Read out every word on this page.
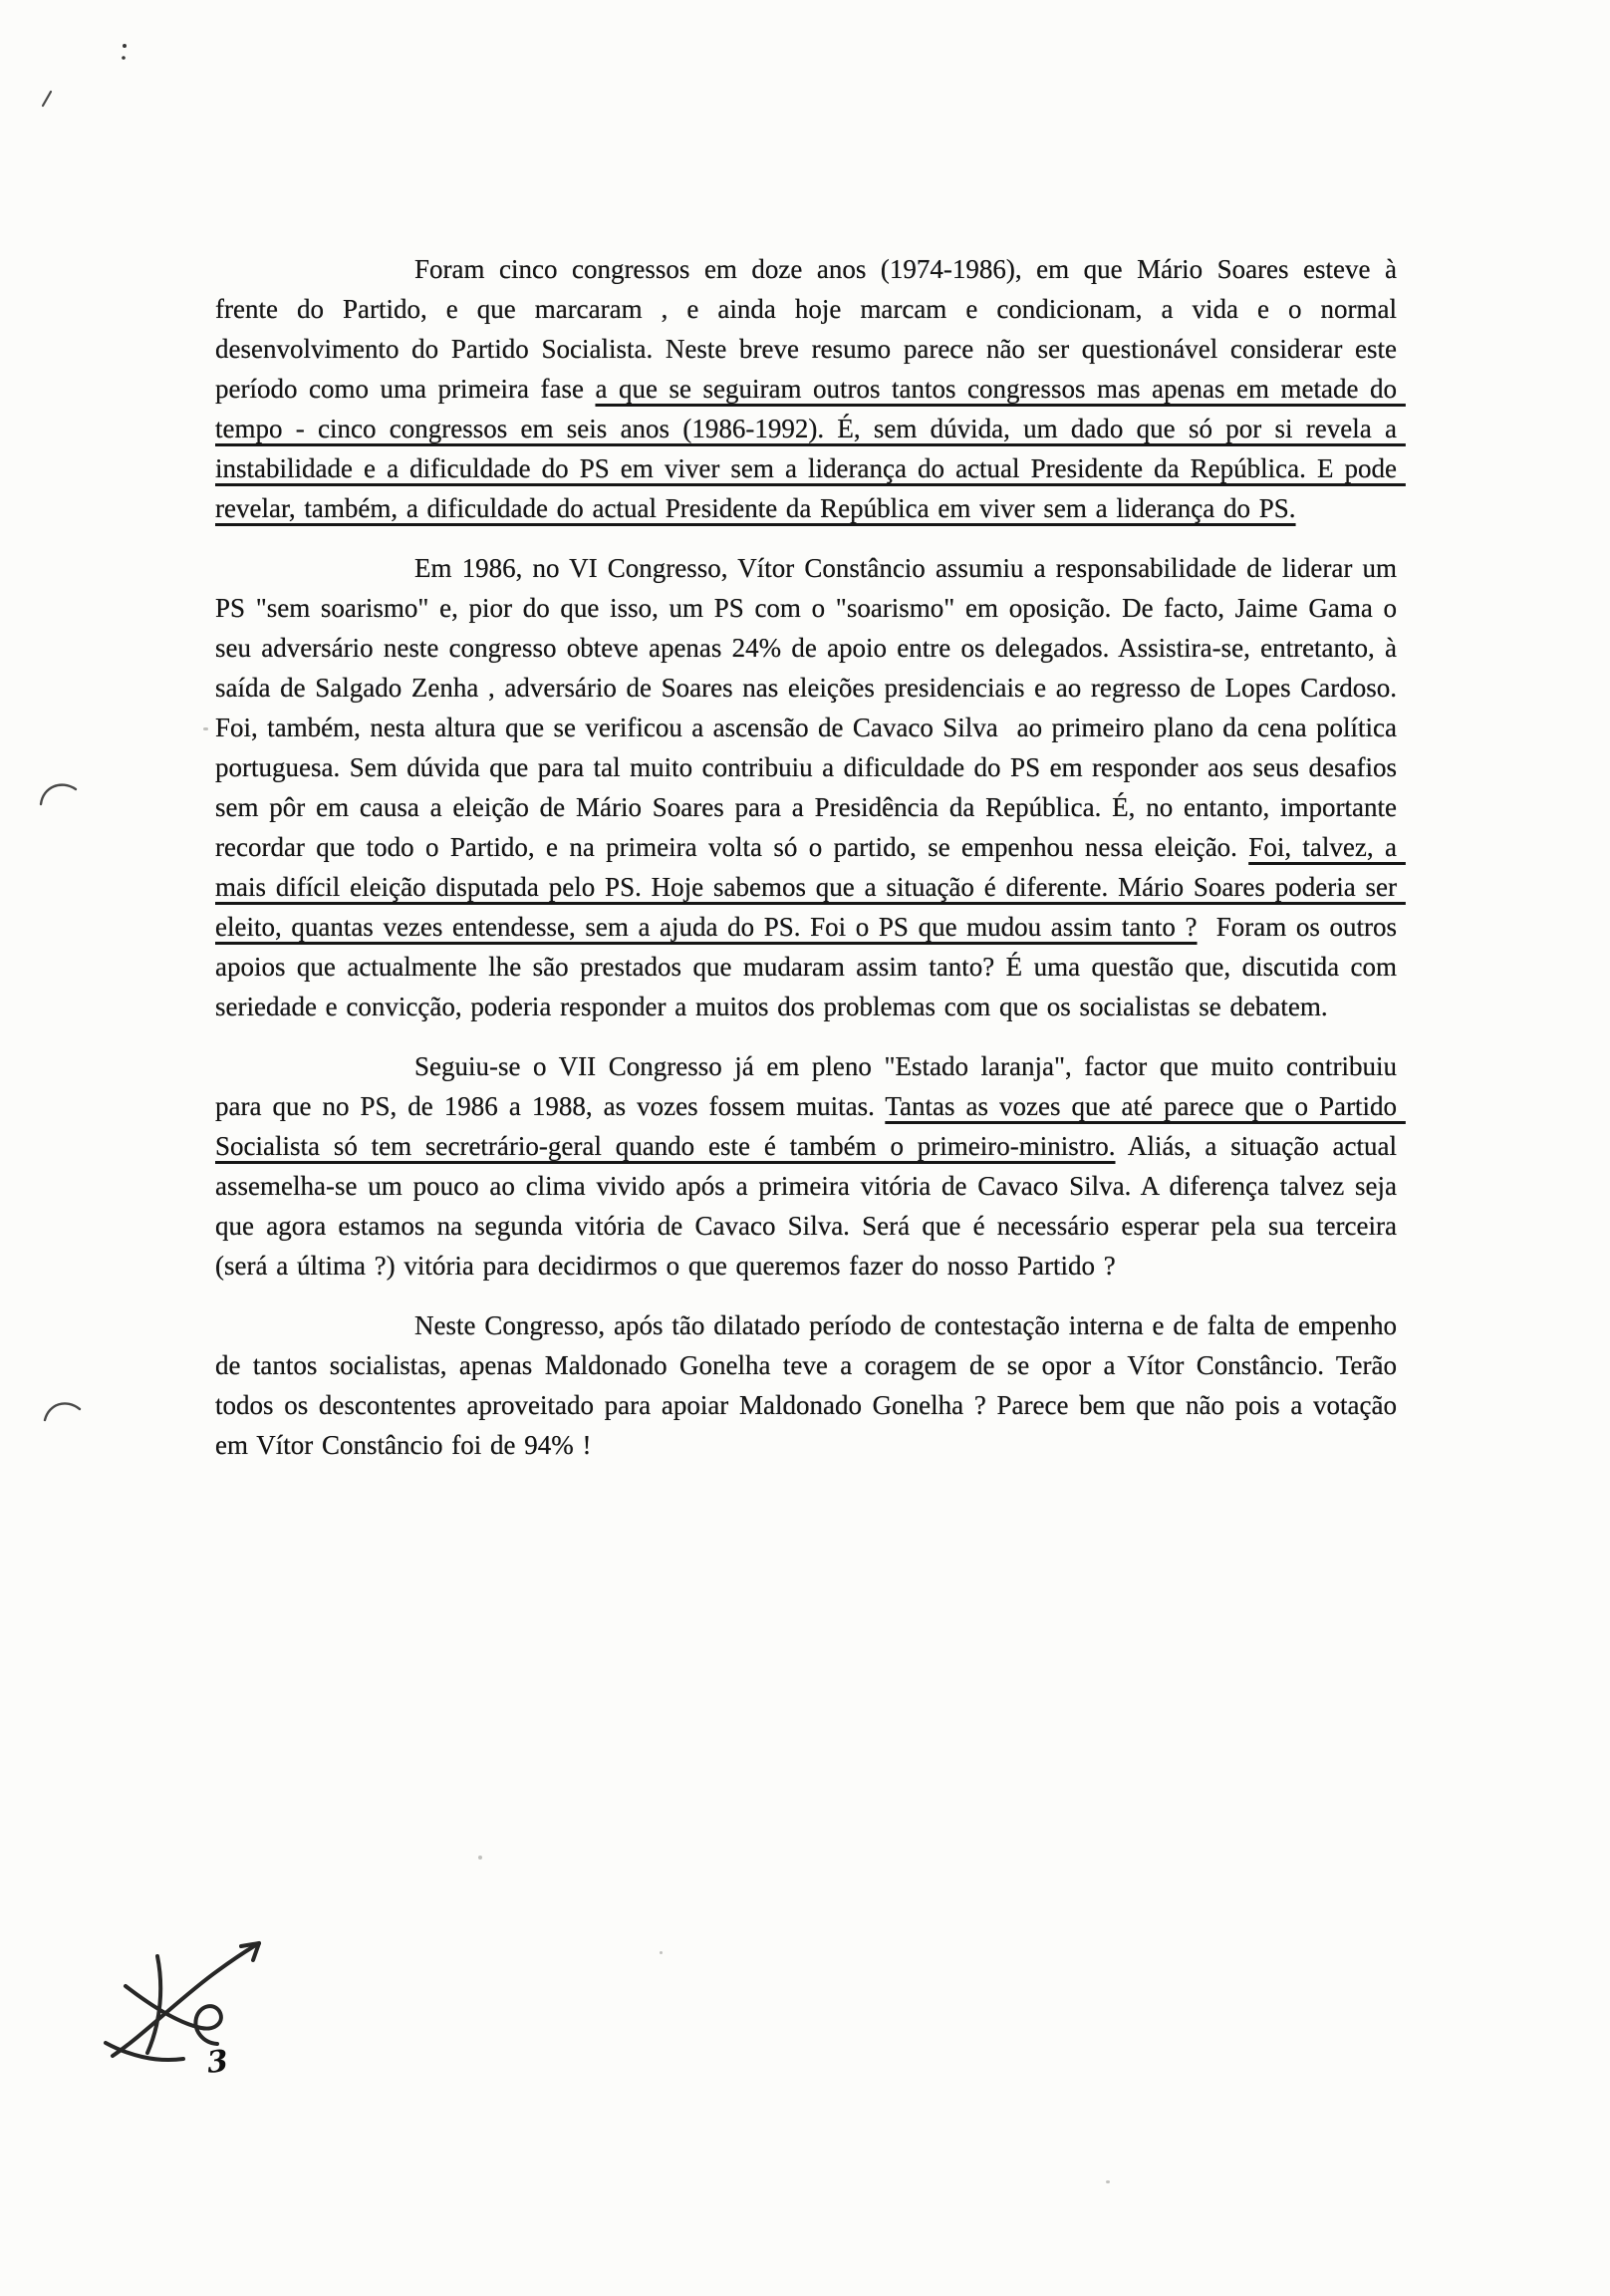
Foram cinco congressos em doze anos (1974-1986), em que Mário Soares esteve à frente do Partido, e que marcaram , e ainda hoje marcam e condicionam, a vida e o normal desenvolvimento do Partido Socialista. Neste breve resumo parece não ser questionável considerar este período como uma primeira fase a que se seguiram outros tantos congressos mas apenas em metade do tempo - cinco congressos em seis anos (1986-1992). É, sem dúvida, um dado que só por si revela a instabilidade e a dificuldade do PS em viver sem a liderança do actual Presidente da República. E pode revelar, também, a dificuldade do actual Presidente da República em viver sem a liderança do PS.

Em 1986, no VI Congresso, Vítor Constâncio assumiu a responsabilidade de liderar um PS "sem soarismo" e, pior do que isso, um PS com o "soarismo" em oposição. De facto, Jaime Gama o seu adversário neste congresso obteve apenas 24% de apoio entre os delegados. Assistira-se, entretanto, à saída de Salgado Zenha , adversário de Soares nas eleições presidenciais e ao regresso de Lopes Cardoso. Foi, também, nesta altura que se verificou a ascensão de Cavaco Silva  ao primeiro plano da cena política portuguesa. Sem dúvida que para tal muito contribuiu a dificuldade do PS em responder aos seus desafios sem pôr em causa a eleição de Mário Soares para a Presidência da República. É, no entanto, importante recordar que todo o Partido, e na primeira volta só o partido, se empenhou nessa eleição. Foi, talvez, a mais difícil eleição disputada pelo PS. Hoje sabemos que a situação é diferente. Mário Soares poderia ser eleito, quantas vezes entendesse, sem a ajuda do PS. Foi o PS que mudou assim tanto ?  Foram os outros apoios que actualmente lhe são prestados que mudaram assim tanto? É uma questão que, discutida com seriedade e convicção, poderia responder a muitos dos problemas com que os socialistas se debatem.

Seguiu-se o VII Congresso já em pleno "Estado laranja", factor que muito contribuiu para que no PS, de 1986 a 1988, as vozes fossem muitas. Tantas as vozes que até parece que o Partido Socialista só tem secretrário-geral quando este é também o primeiro-ministro. Aliás, a situação actual assemelha-se um pouco ao clima vivido após a primeira vitória de Cavaco Silva. A diferença talvez seja que agora estamos na segunda vitória de Cavaco Silva. Será que é necessário esperar pela sua terceira (será a última ?) vitória para decidirmos o que queremos fazer do nosso Partido ?

Neste Congresso, após tão dilatado período de contestação interna e de falta de empenho de tantos socialistas, apenas Maldonado Gonelha teve a coragem de se opor a Vítor Constâncio. Terão todos os descontentes aproveitado para apoiar Maldonado Gonelha ? Parece bem que não pois a votação em Vítor Constâncio foi de 94% !

3
